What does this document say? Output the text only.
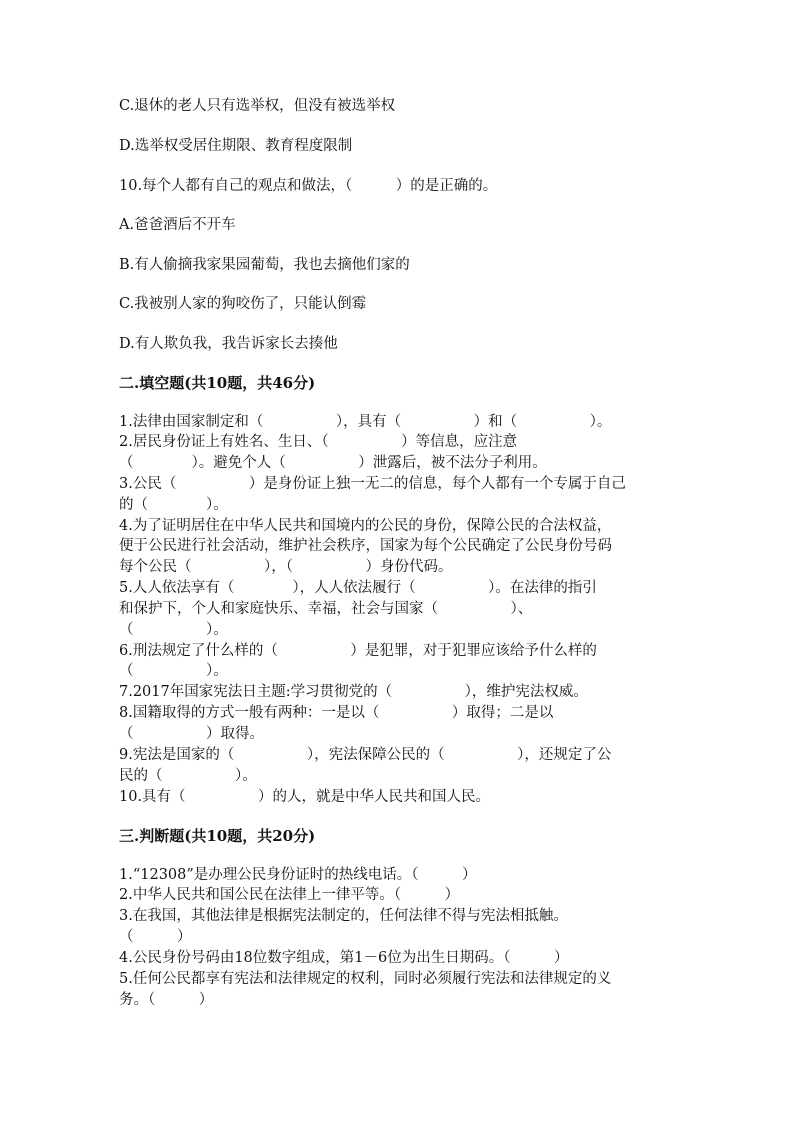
C.退休的老人只有选举权，但没有被选举权
D.选举权受居住期限、教育程度限制
10.每个人都有自己的观点和做法，（　　　）的是正确的。
A.爸爸酒后不开车
B.有人偷摘我家果园葡萄，我也去摘他们家的
C.我被别人家的狗咬伤了，只能认倒霉
D.有人欺负我，我告诉家长去揍他
二.填空题(共10题，共46分)
1.法律由国家制定和（　　　　　），具有（　　　　　）和（　　　　　）。
2.居民身份证上有姓名、生日、（　　　　　）等信息，应注意
（　　　　）。避免个人（　　　　　）泄露后，被不法分子利用。
3.公民（　　　　　）是身份证上独一无二的信息，每个人都有一个专属于自己
的（　　　　）。
4.为了证明居住在中华人民共和国境内的公民的身份，保障公民的合法权益，
便于公民进行社会活动，维护社会秩序，国家为每个公民确定了公民身份号码
每个公民（　　　　　），（　　　　　）身份代码。
5.人人依法享有（　　　　），人人依法履行（　　　　　）。在法律的指引
和保护下，个人和家庭快乐、幸福，社会与国家（　　　　　）、
（　　　　　）。
6.刑法规定了什么样的（　　　　　）是犯罪，对于犯罪应该给予什么样的
（　　　　　）。
7.2017年国家宪法日主题:学习贯彻党的（　　　　　），维护宪法权威。
8.国籍取得的方式一般有两种：一是以（　　　　　）取得；二是以
（　　　　　）取得。
9.宪法是国家的（　　　　　），宪法保障公民的（　　　　　），还规定了公
民的（　　　　　）。
10.具有（　　　　　）的人，就是中华人民共和国人民。
三.判断题(共10题，共20分)
1.“12308”是办理公民身份证时的热线电话。（　　　）
2.中华人民共和国公民在法律上一律平等。（　　　）
3.在我国，其他法律是根据宪法制定的，任何法律不得与宪法相抵触。
（　　　）
4.公民身份号码由18位数字组成，第1－6位为出生日期码。（　　　）
5.任何公民都享有宪法和法律规定的权利，同时必须履行宪法和法律规定的义
务。（　　　）
